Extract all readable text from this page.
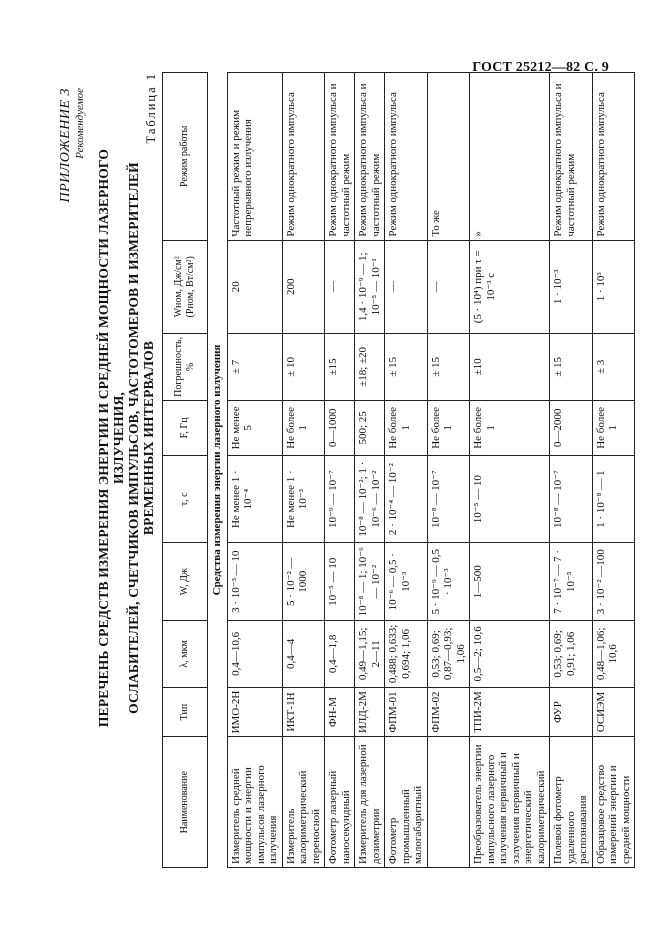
ГОСТ 25212—82 С. 9
ПРИЛОЖЕНИЕ 3 Рекомендуемое
ПЕРЕЧЕНЬ СРЕДСТВ ИЗМЕРЕНИЯ ЭНЕРГИИ И СРЕДНЕЙ МОЩНОСТИ ЛАЗЕРНОГО ИЗЛУЧЕНИЯ, ОСЛАБИТЕЛЕЙ, СЧЕТЧИКОВ ИМПУЛЬСОВ, ЧАСТОТОМЕРОВ И ИЗМЕРИТЕЛЕЙ ВРЕМЕННЫХ ИНТЕРВАЛОВ
Таблица 1
Наименование	Тип	λ, мкм	W, Дж	τ, с	F, Гц	Погрешность, %	Wном, Дж/см² (Pном, Вт/см²)	Режим работы
Средства измерения энергии лазерного излучения								
Измеритель средней мощности и энергии импульсов лазерного излучения	ИМО-2Н	0,4—10,6	3 · 10⁻³ — 10	Не менее 1 · 10⁻⁴	Не менее 5	± 7	20	Частотный режим и режим непрерывного излучения
Измеритель калориметрический переносной	ИКТ-1Н	0,4—4	5 · 10⁻² — 1000	Не менее 1 · 10⁻³	Не более 1	± 10	200	Режим однократного импульса
Фотометр лазерный наносекундный	ФН-М	0,4—1,8	10⁻⁵ — 10	10⁻⁹ — 10⁻⁷	0—1000	±15	—	Режим однократного импульса и частотный режим
Измеритель для лазерной дозиметрии	ИЛД-2М	0,49—1,15; 2—11	10⁻⁸ — 1; 10⁻⁶ — 10⁻²	10⁻⁸ — 10⁻²; 1 · 10⁻⁶ — 10⁻²	500; 25	±18; ±20	1,4 · 10⁻⁹ — 1; 10⁻⁵ — 10⁻¹	Режим однократного импульса и частотный режим
Фотометр промышленный малогабаритный	ФПМ-01	0,488; 0,633; 0,694; 1,06	10⁻⁶ — 0,5 · 10⁻³	2 · 10⁻⁴ — 10⁻²	Не более 1	± 15	—	Режим однократного импульса
	ФПМ-02	0,53; 0,69; 0,87—0,93; 1,06	5 · 10⁻⁹ — 0,5 · 10⁻³	10⁻⁸ — 10⁻⁷	Не более 1	± 15	—	То же
Преобразователь энергии импульсного лазерного излучения первичный и эзлучения первичный и энергетический калориметрический	ТПИ-2М	0,5—2; 10,6	1—500	10⁻⁵ — 10	Не более 1	±10	(5 · 10⁴) при τ = 10⁻³ с	»
Полевой фотометр удаленного распознавания	ФУР	0,53; 0,69; 0,91; 1,06	7 · 10⁻⁷ — 7 · 10⁻⁵	10⁻⁸ — 10⁻⁷	0—2000	± 15	1 · 10⁻³	Режим однократного импульса и частотный режим
Образцовое средство измерений энергии и средней мощности	ОСИЭМ	0,48—1,06; 10,6	3 · 10⁻² —100	1 · 10⁻⁸ — 1	Не более 1	± 3	1 · 10³	Режим однократного импульса
